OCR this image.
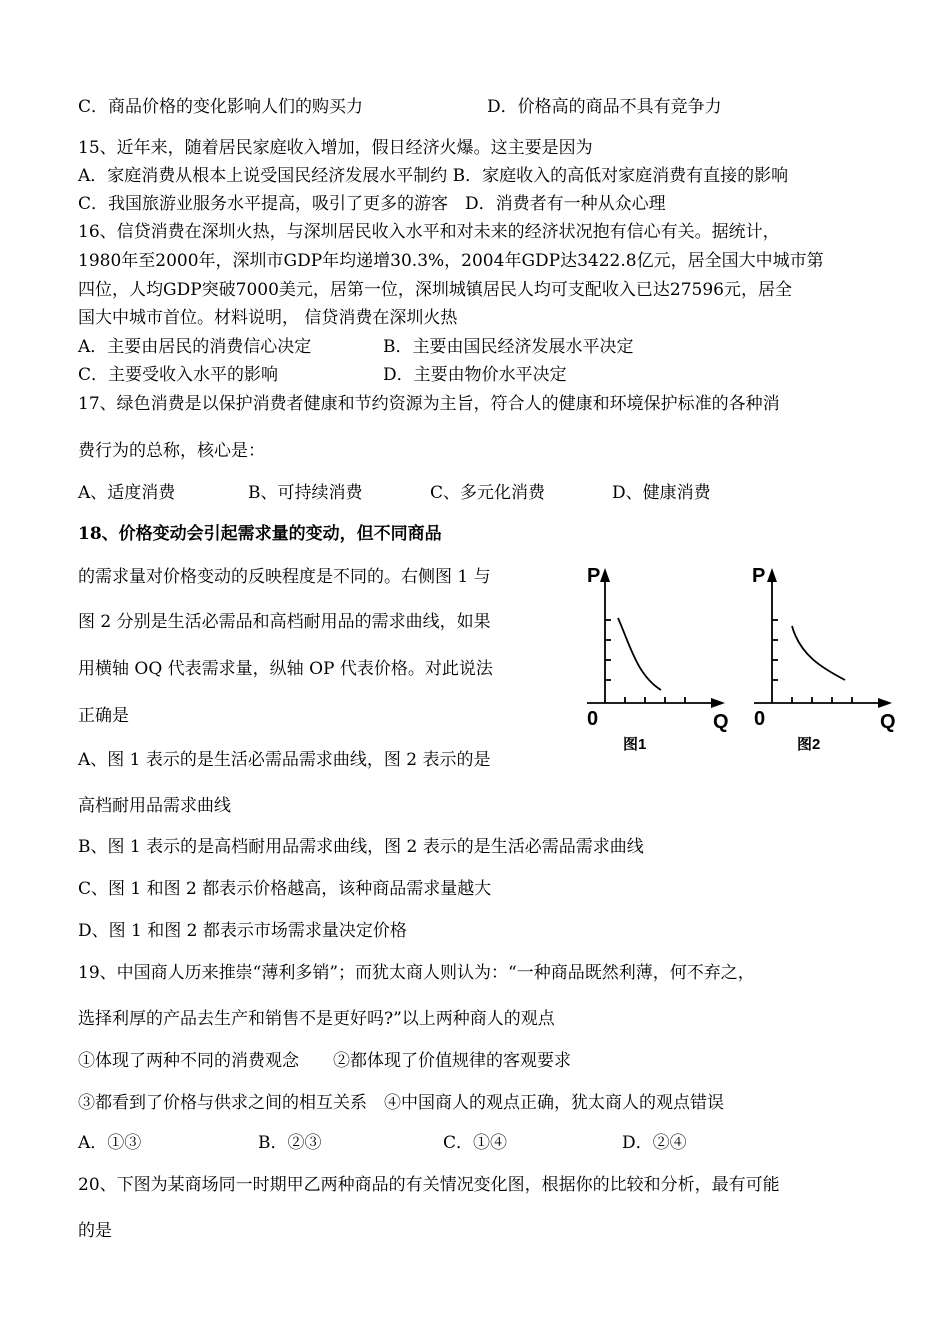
C．商品价格的变化影响人们的购买力	D．价格高的商品不具有竞争力
15、近年来，随着居民家庭收入增加，假日经济火爆。这主要是因为
A．家庭消费从根本上说受国民经济发展水平制约 B．家庭收入的高低对家庭消费有直接的影响
C．我国旅游业服务水平提高，吸引了更多的游客　D．消费者有一种从众心理
16、信贷消费在深圳火热，与深圳居民收入水平和对未来的经济状况抱有信心有关。据统计，
1980年至2000年，深圳市GDP年均递增30.3%，2004年GDP达3422.8亿元，居全国大中城市第
四位，人均GDP突破7000美元，居第一位，深圳城镇居民人均可支配收入已达27596元，居全
国大中城市首位。材料说明， 信贷消费在深圳火热
A．主要由居民的消费信心决定	B．主要由国民经济发展水平决定
C．主要受收入水平的影响	D．主要由物价水平决定
17、绿色消费是以保护消费者健康和节约资源为主旨，符合人的健康和环境保护标准的各种消
费行为的总称，核心是：
A、适度消费	B、可持续消费	C、多元化消费	D、健康消费
18、价格变动会引起需求量的变动，但不同商品
的需求量对价格变动的反映程度是不同的。右侧图 1 与
图 2 分别是生活必需品和高档耐用品的需求曲线，如果
用横轴 OQ 代表需求量，纵轴 OP 代表价格。对此说法
正确是
A、图 1 表示的是生活必需品需求曲线，图 2 表示的是
高档耐用品需求曲线
B、图 1 表示的是高档耐用品需求曲线，图 2 表示的是生活必需品需求曲线
C、图 1 和图 2 都表示价格越高，该种商品需求量越大
D、图 1 和图 2 都表示市场需求量决定价格
P
0	Q
图1
P
0	Q
图2
19、中国商人历来推崇“薄利多销”；而犹太商人则认为：“一种商品既然利薄，何不弃之，
选择利厚的产品去生产和销售不是更好吗?”以上两种商人的观点
①体现了两种不同的消费观念　　②都体现了价值规律的客观要求
③都看到了价格与供求之间的相互关系　④中国商人的观点正确，犹太商人的观点错误
A．①③	B．②③	C．①④	D．②④
20、下图为某商场同一时期甲乙两种商品的有关情况变化图，根据你的比较和分析，最有可能
的是
